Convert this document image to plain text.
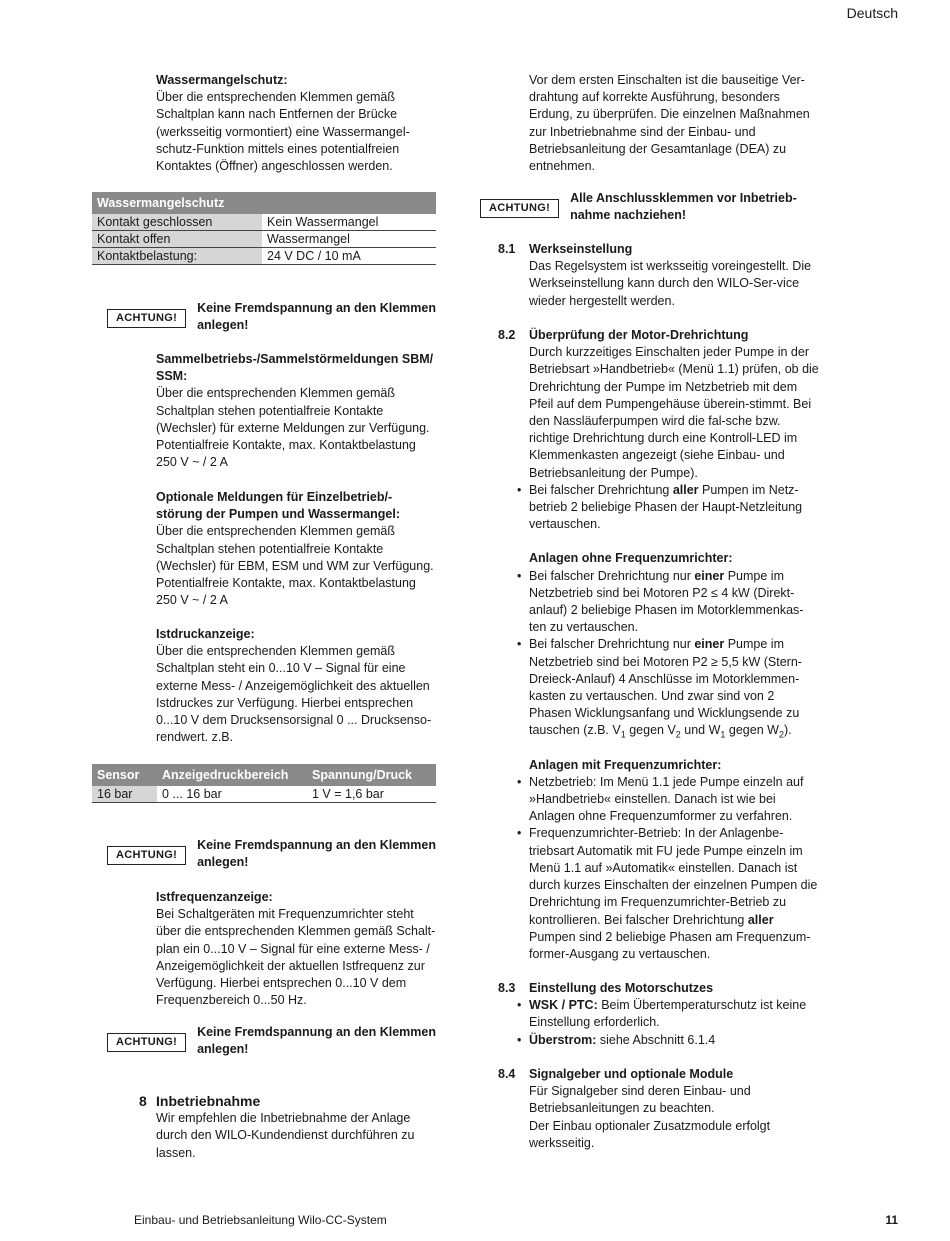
Deutsch

Wassermangelschutz:

Über die entsprechenden Klemmen gemäß Schaltplan kann nach Entfernen der Brücke (werksseitig vormontiert) eine Wassermangel-schutz-Funktion mittels eines potentialfreien Kontaktes (Öffner) angeschlossen werden.

Wassermangelschutz	
Kontakt geschlossen	Kein Wassermangel
Kontakt offen	Wassermangel
Kontaktbelastung:	24 V DC / 10 mA
ACHTUNG!
Keine Fremdspannung an den Klemmen anlegen!

Sammelbetriebs-/Sammelstörmeldungen SBM/ SSM:

Über die entsprechenden Klemmen gemäß Schaltplan stehen potentialfreie Kontakte (Wechsler) für externe Meldungen zur Verfügung. Potentialfreie Kontakte, max. Kontaktbelastung 250 V ~ / 2 A

Optionale Meldungen für Einzelbetrieb/-störung der Pumpen und Wassermangel:

Über die entsprechenden Klemmen gemäß Schaltplan stehen potentialfreie Kontakte (Wechsler) für EBM, ESM und WM zur Verfügung. Potentialfreie Kontakte, max. Kontaktbelastung 250 V ~ / 2 A

Istdruckanzeige:

Über die entsprechenden Klemmen gemäß Schaltplan steht ein 0...10 V – Signal für eine externe Mess- / Anzeigemöglichkeit des aktuellen Istdruckes zur Verfügung. Hierbei entsprechen 0...10 V dem Drucksensorsignal 0 ... Drucksenso-rendwert. z.B.

Sensor	Anzeigedruckbereich	Spannung/Druck
16 bar	0 ... 16 bar	1 V = 1,6 bar
ACHTUNG!
Keine Fremdspannung an den Klemmen anlegen!

Istfrequenzanzeige:

Bei Schaltgeräten mit Frequenzumrichter steht über die entsprechenden Klemmen gemäß Schalt-plan ein 0...10 V – Signal für eine externe Mess- / Anzeigemöglichkeit der aktuellen Istfrequenz zur Verfügung. Hierbei entsprechen 0...10 V dem Frequenzbereich 0...50 Hz.

ACHTUNG!
Keine Fremdspannung an den Klemmen anlegen!
8 Inbetriebnahme

Wir empfehlen die Inbetriebnahme der Anlage durch den WILO-Kundendienst durchführen zu lassen.

Vor dem ersten Einschalten ist die bauseitige Ver-drahtung auf korrekte Ausführung, besonders Erdung, zu überprüfen. Die einzelnen Maßnahmen zur Inbetriebnahme sind der Einbau- und Betriebsanleitung der Gesamtanlage (DEA) zu entnehmen.

ACHTUNG!
Alle Anschlussklemmen vor Inbetrieb-nahme nachziehen!
8.1 Werkseinstellung

Das Regelsystem ist werksseitig voreingestellt. Die Werkseinstellung kann durch den WILO-Ser-vice wieder hergestellt werden.

8.2 Überprüfung der Motor-Drehrichtung

Durch kurzzeitiges Einschalten jeder Pumpe in der Betriebsart »Handbetrieb« (Menü 1.1) prüfen, ob die Drehrichtung der Pumpe im Netzbetrieb mit dem Pfeil auf dem Pumpengehäuse überein-stimmt. Bei den Nassläuferpumpen wird die fal-sche bzw. richtige Drehrichtung durch eine Kontroll-LED im Klemmenkasten angezeigt (siehe Einbau- und Betriebsanleitung der Pumpe).

• Bei falscher Drehrichtung aller Pumpen im Netz-betrieb 2 beliebige Phasen der Haupt-Netzleitung vertauschen.

Anlagen ohne Frequenzumrichter:

• Bei falscher Drehrichtung nur einer Pumpe im Netzbetrieb sind bei Motoren P2 ≤ 4 kW (Direkt-anlauf) 2 beliebige Phasen im Motorklemmenkas-ten zu vertauschen.
• Bei falscher Drehrichtung nur einer Pumpe im Netzbetrieb sind bei Motoren P2 ≥ 5,5 kW (Stern-Dreieck-Anlauf) 4 Anschlüsse im Motorklemmen-kasten zu vertauschen. Und zwar sind von 2 Phasen Wicklungsanfang und Wicklungsende zu tauschen (z.B. $V_1$ gegen $V_2$ und $W_1$ gegen $W_2$).

Anlagen mit Frequenzumrichter:

• Netzbetrieb: Im Menü 1.1 jede Pumpe einzeln auf »Handbetrieb« einstellen. Danach ist wie bei Anlagen ohne Frequenzumformer zu verfahren.
• Frequenzumrichter-Betrieb: In der Anlagenbe-triebsart Automatik mit FU jede Pumpe einzeln im Menü 1.1 auf »Automatik« einstellen. Danach ist durch kurzes Einschalten der einzelnen Pumpen die Drehrichtung im Frequenzumrichter-Betrieb zu kontrollieren. Bei falscher Drehrichtung aller Pumpen sind 2 beliebige Phasen am Frequenzum-former-Ausgang zu vertauschen.
8.3 Einstellung des Motorschutzes

• WSK / PTC: Beim Übertemperaturschutz ist keine Einstellung erforderlich.
• Überstrom: siehe Abschnitt 6.1.4
8.4 Signalgeber und optionale Module

Für Signalgeber sind deren Einbau- und Betriebsanleitungen zu beachten.

Der Einbau optionaler Zusatzmodule erfolgt werksseitig.

Einbau- und Betriebsanleitung Wilo-CC-System	11
